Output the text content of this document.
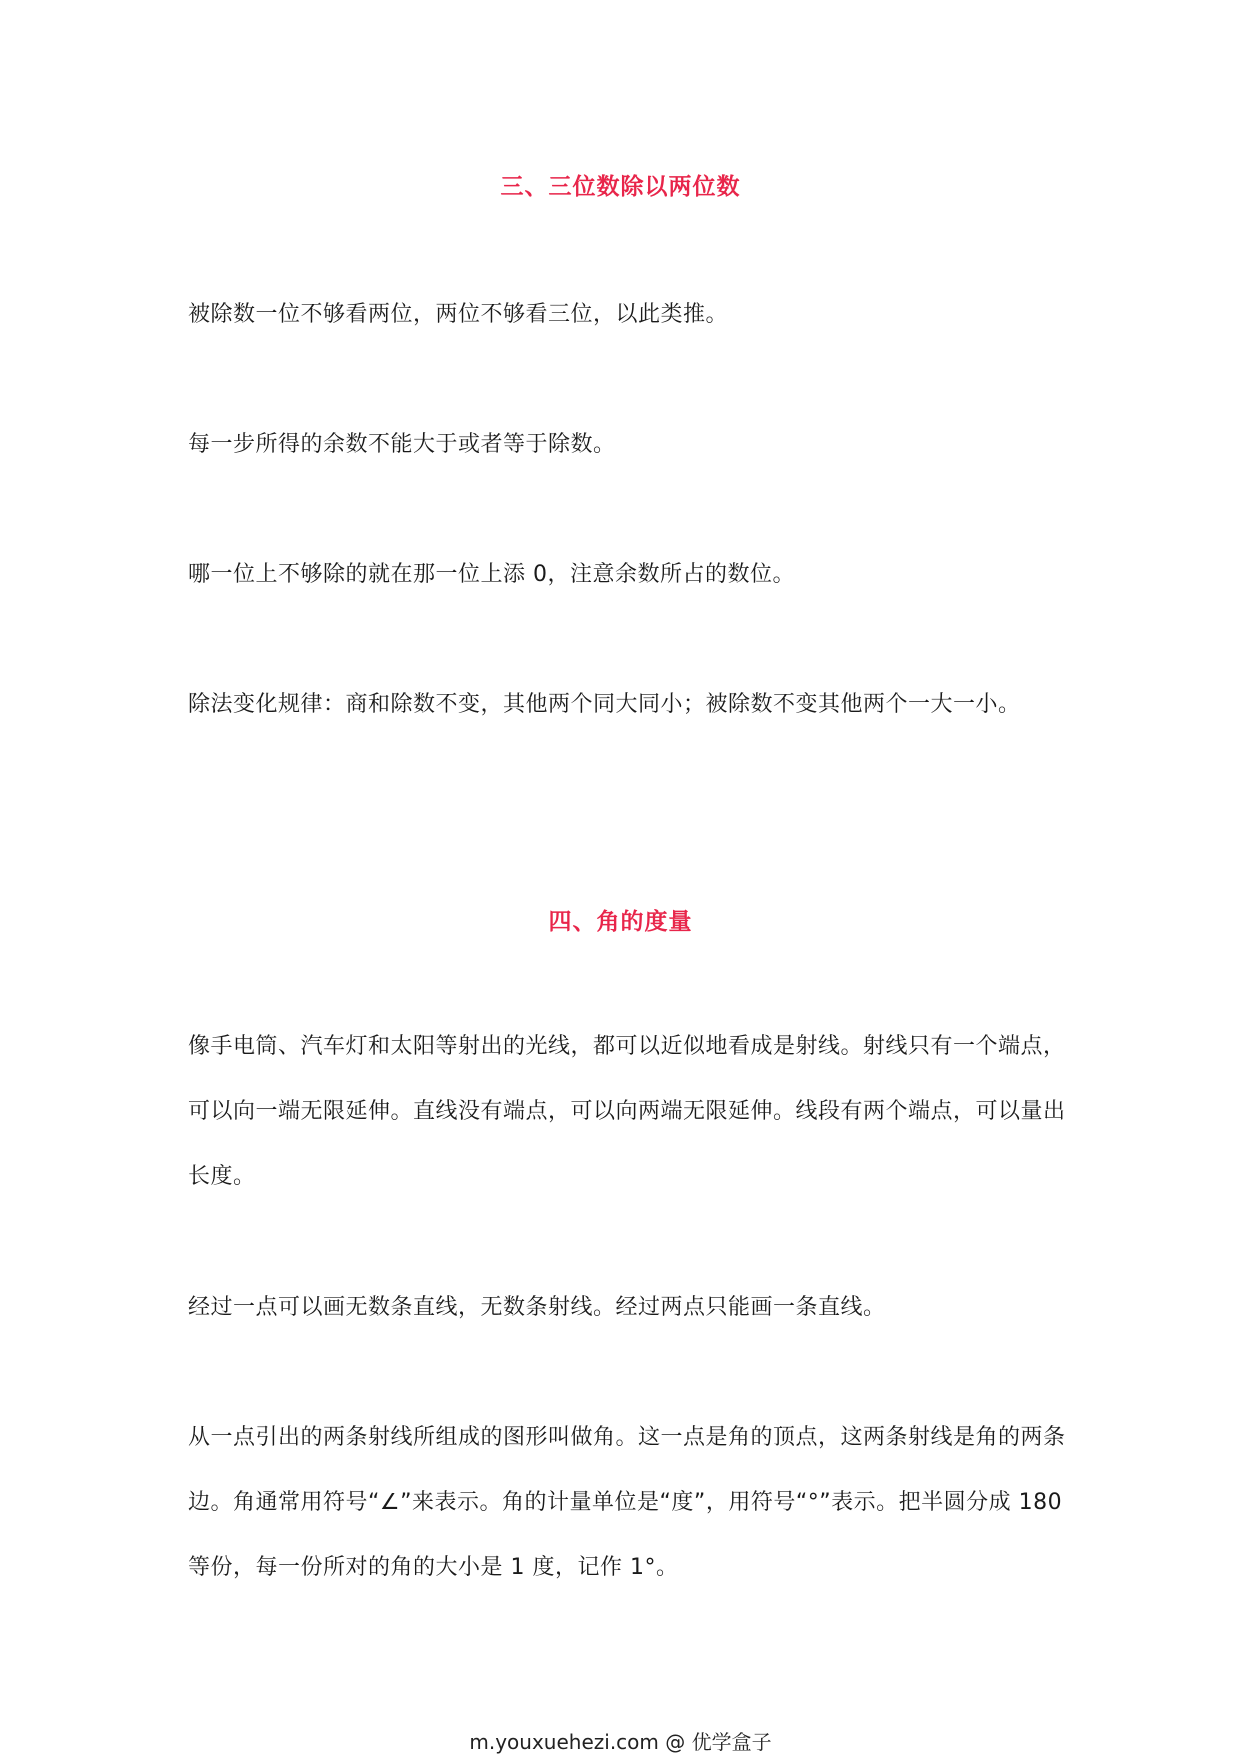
三、三位数除以两位数
被除数一位不够看两位，两位不够看三位，以此类推。
每一步所得的余数不能大于或者等于除数。
哪一位上不够除的就在那一位上添 0，注意余数所占的数位。
除法变化规律：商和除数不变，其他两个同大同小；被除数不变其他两个一大一小。
四、角的度量
像手电筒、汽车灯和太阳等射出的光线，都可以近似地看成是射线。射线只有一个端点，可以向一端无限延伸。直线没有端点，可以向两端无限延伸。线段有两个端点，可以量出长度。
经过一点可以画无数条直线，无数条射线。经过两点只能画一条直线。
从一点引出的两条射线所组成的图形叫做角。这一点是角的顶点，这两条射线是角的两条边。角通常用符号“∠”来表示。角的计量单位是“度”，用符号“°”表示。把半圆分成 180 等份，每一份所对的角的大小是 1 度，记作 1°。
m.youxuehezi.com @ 优学盒子
